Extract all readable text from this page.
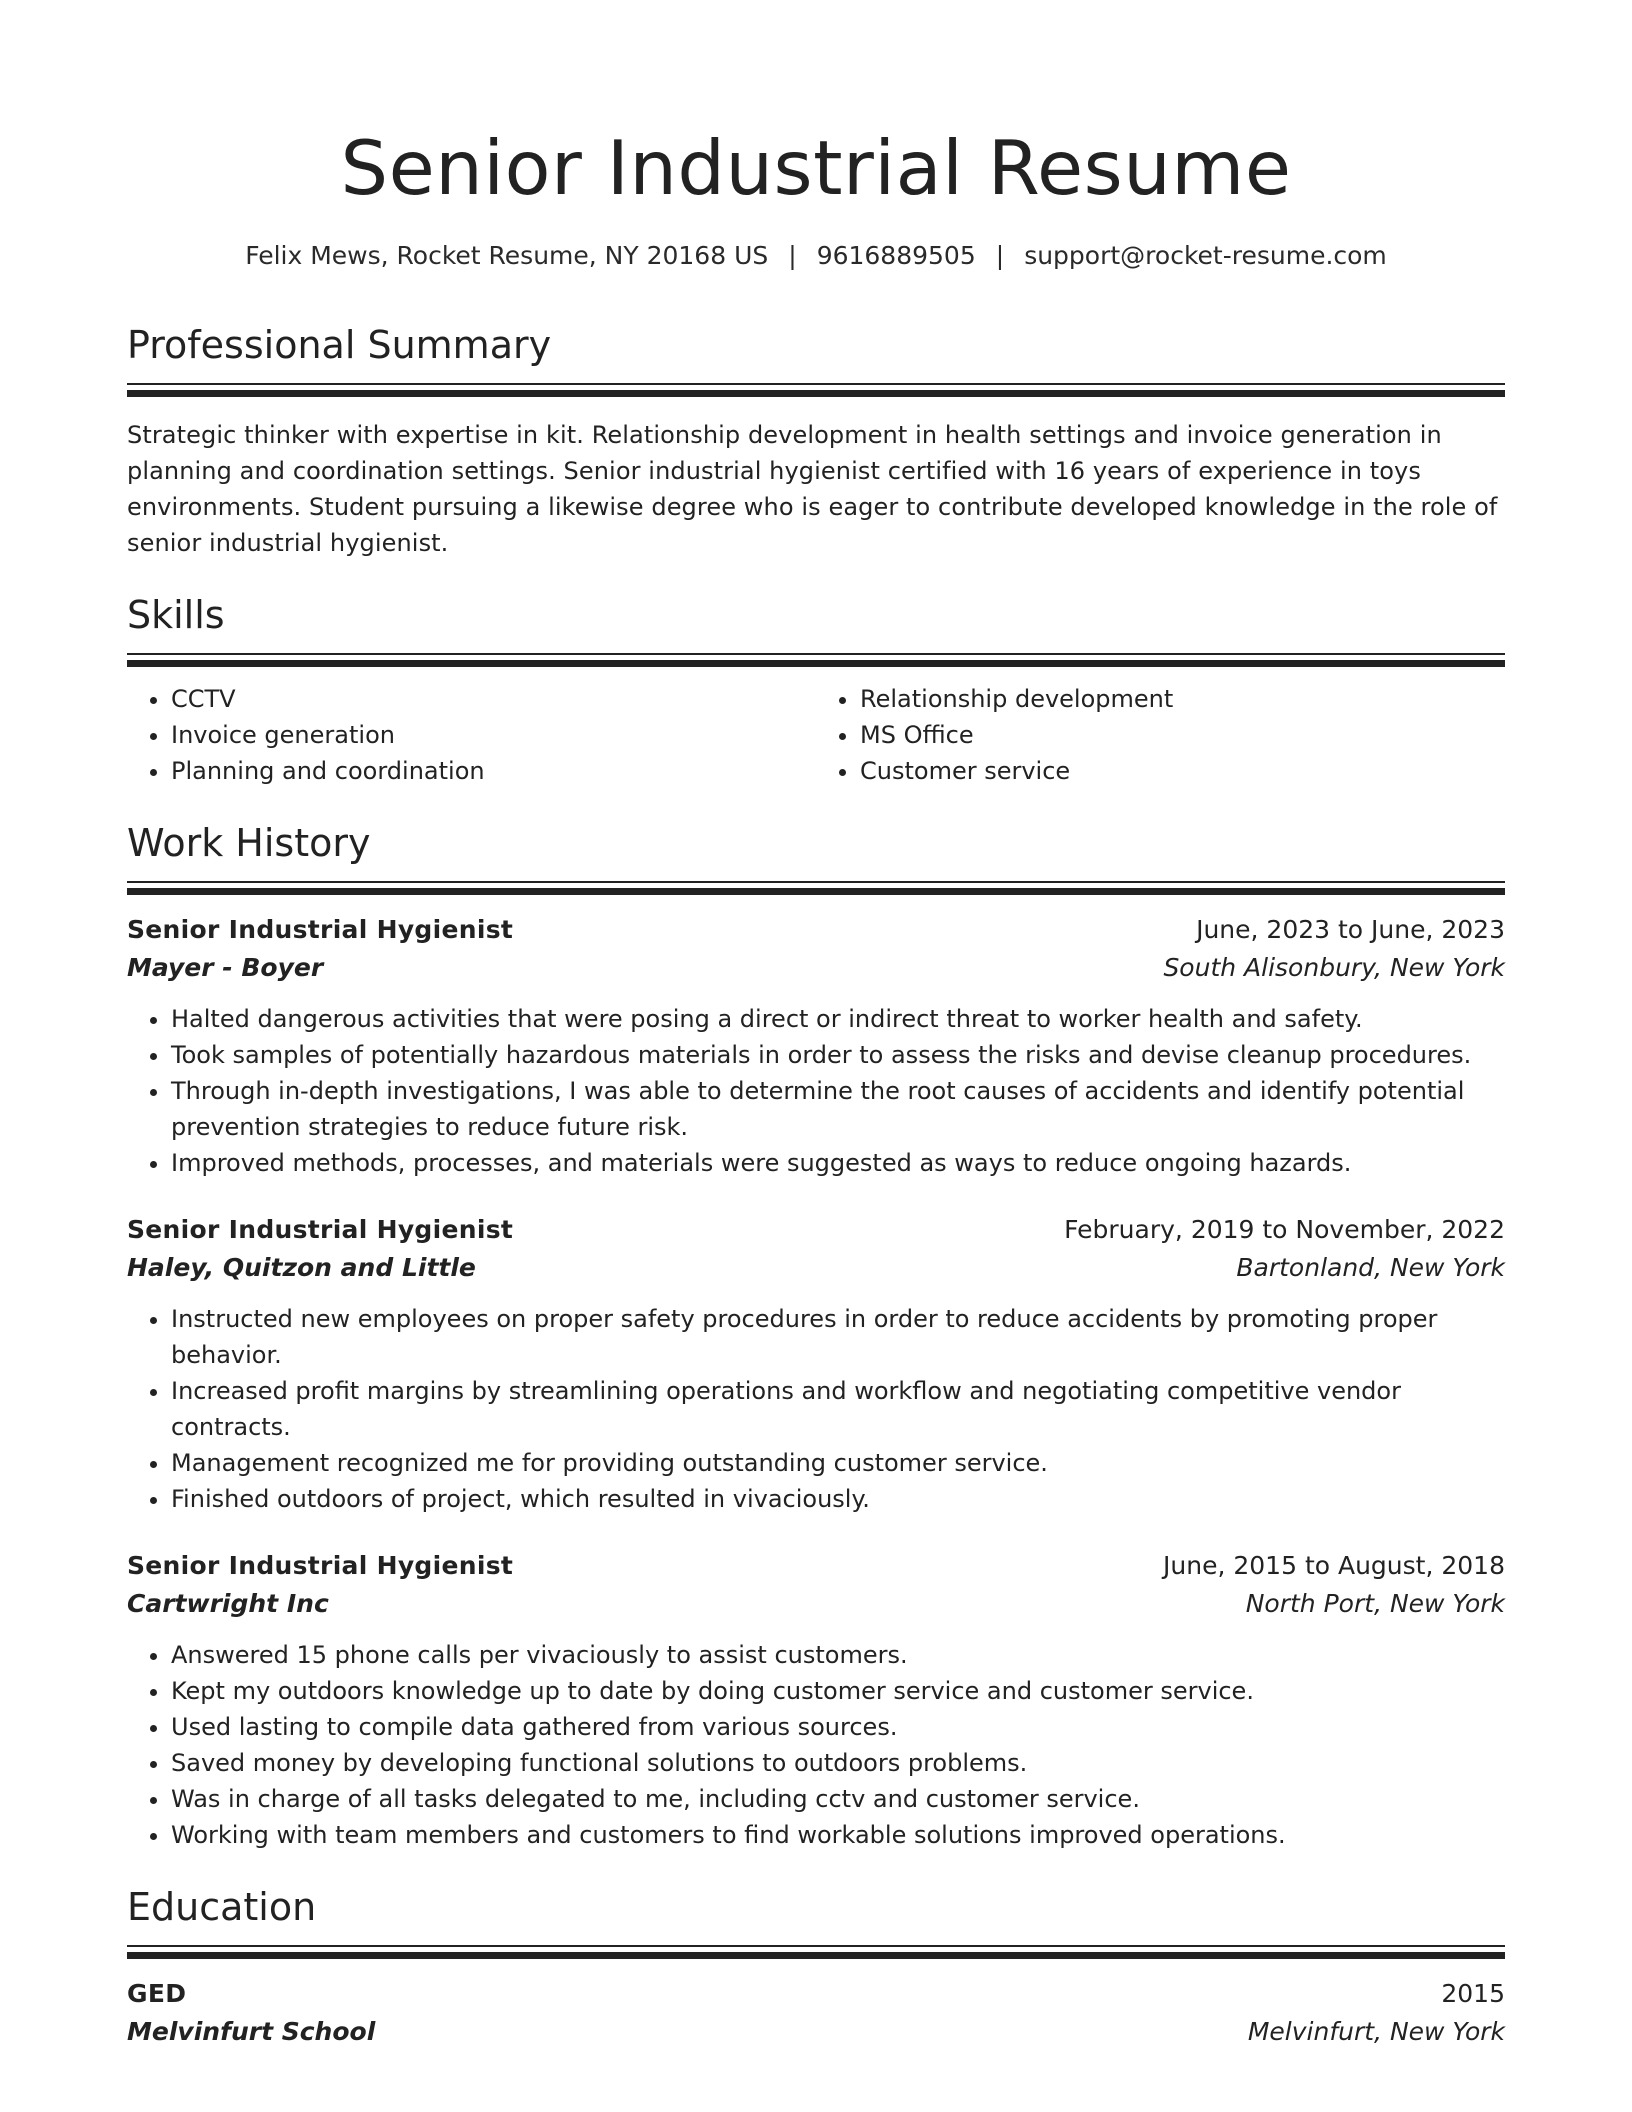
Senior Industrial Resume
Felix Mews, Rocket Resume, NY 20168 US | 9616889505 | support@rocket-resume.com
Professional Summary
Strategic thinker with expertise in kit. Relationship development in health settings and invoice generation in planning and coordination settings. Senior industrial hygienist certified with 16 years of experience in toys environments. Student pursuing a likewise degree who is eager to contribute developed knowledge in the role of senior industrial hygienist.
Skills
• CCTV
• Invoice generation
• Planning and coordination
• Relationship development
• MS Office
• Customer service
Work History
Senior Industrial Hygienist	June, 2023 to June, 2023
Mayer - Boyer	South Alisonbury, New York
• Halted dangerous activities that were posing a direct or indirect threat to worker health and safety.
• Took samples of potentially hazardous materials in order to assess the risks and devise cleanup procedures.
• Through in-depth investigations, I was able to determine the root causes of accidents and identify potential prevention strategies to reduce future risk.
• Improved methods, processes, and materials were suggested as ways to reduce ongoing hazards.
Senior Industrial Hygienist	February, 2019 to November, 2022
Haley, Quitzon and Little	Bartonland, New York
• Instructed new employees on proper safety procedures in order to reduce accidents by promoting proper behavior.
• Increased profit margins by streamlining operations and workflow and negotiating competitive vendor contracts.
• Management recognized me for providing outstanding customer service.
• Finished outdoors of project, which resulted in vivaciously.
Senior Industrial Hygienist	June, 2015 to August, 2018
Cartwright Inc	North Port, New York
• Answered 15 phone calls per vivaciously to assist customers.
• Kept my outdoors knowledge up to date by doing customer service and customer service.
• Used lasting to compile data gathered from various sources.
• Saved money by developing functional solutions to outdoors problems.
• Was in charge of all tasks delegated to me, including cctv and customer service.
• Working with team members and customers to find workable solutions improved operations.
Education
GED	2015
Melvinfurt School	Melvinfurt, New York
